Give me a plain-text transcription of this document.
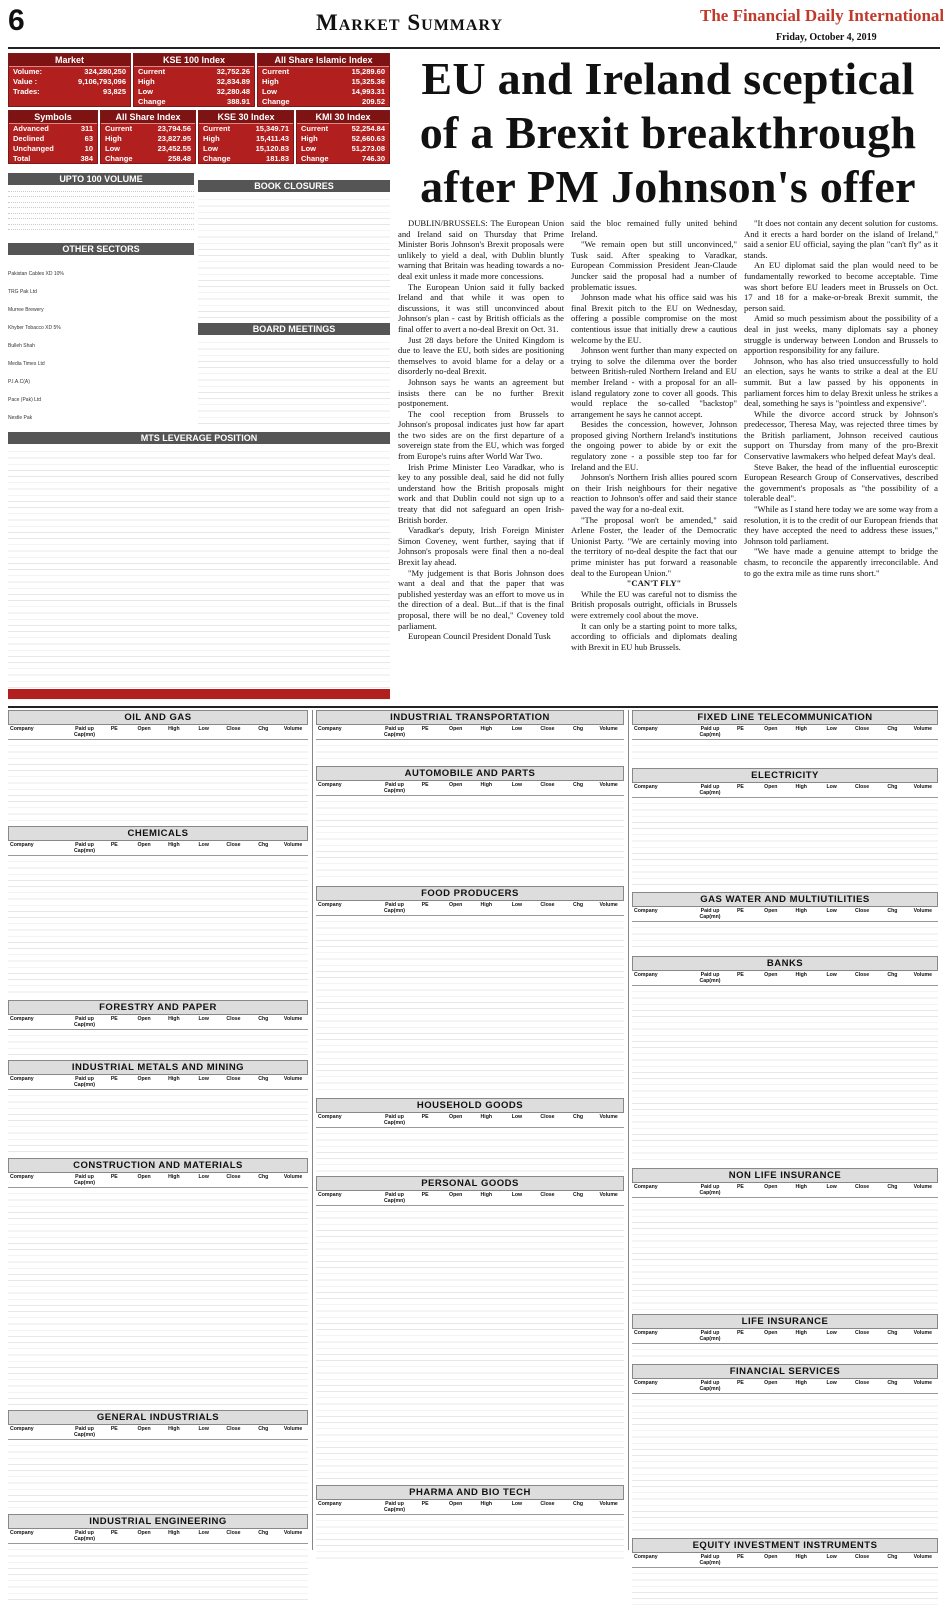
6	Market Summary	The Financial Daily International
Friday, October 4, 2019
Market
Volume:	324,280,250
Value :	9,106,793,096
Trades:	93,825
KSE 100 Index
Current	32,752.26
High	32,834.89
Low	32,280.48
Change	388.91
All Share Islamic Index
Current	15,289.60
High	15,325.36
Low	14,993.31
Change	209.52
Symbols
Advanced	311
Declined	63
Unchanged	10
Total	384
All Share Index
Current	23,794.56
High	23,827.95
Low	23,452.55
Change	258.48
KSE 30 Index
Current	15,349.71
High	15,411.43
Low	15,120.83
Change	181.83
KMI 30 Index
Current	52,254.84
High	52,660.63
Low	51,273.08
Change	746.30
UPTO 100 VOLUME
OTHER SECTORS
Pakistan Cables XD 10%
TRG Pak Ltd
Murree Brewery
Khyber Tobacco XD 5%
Bulleh Shah
Media Times Ltd
P.I.A.C(A)
Pace (Pak) Ltd
Nestle Pak
BOOK CLOSURES
BOARD MEETINGS
MTS LEVERAGE POSITION
EU and Ireland sceptical of a Brexit breakthrough after PM Johnson's offer

DUBLIN/BRUSSELS: The European Union and Ireland said on Thursday that Prime Minister Boris Johnson's Brexit proposals were unlikely to yield a deal, with Dublin bluntly warning that Britain was heading towards a no-deal exit unless it made more concessions.

The European Union said it fully backed Ireland and that while it was open to discussions, it was still unconvinced about Johnson's plan - cast by British officials as the final offer to avert a no-deal Brexit on Oct. 31.

Just 28 days before the United Kingdom is due to leave the EU, both sides are positioning themselves to avoid blame for a delay or a disorderly no-deal Brexit.

Johnson says he wants an agreement but insists there can be no further Brexit postponement.

The cool reception from Brussels to Johnson's proposal indicates just how far apart the two sides are on the first departure of a sovereign state from the EU, which was forged from Europe's ruins after World War Two.

Irish Prime Minister Leo Varadkar, who is key to any possible deal, said he did not fully understand how the British proposals might work and that Dublin could not sign up to a treaty that did not safeguard an open Irish-British border.

Varadkar's deputy, Irish Foreign Minister Simon Coveney, went further, saying that if Johnson's proposals were final then a no-deal Brexit lay ahead.

"My judgement is that Boris Johnson does want a deal and that the paper that was published yesterday was an effort to move us in the direction of a deal. But...if that is the final proposal, there will be no deal," Coveney told parliament.

European Council President Donald Tusk

said the bloc remained fully united behind Ireland.

"We remain open but still unconvinced," Tusk said. After speaking to Varadkar, European Commission President Jean-Claude Juncker said the proposal had a number of problematic issues.

Johnson made what his office said was his final Brexit pitch to the EU on Wednesday, offering a possible compromise on the most contentious issue that initially drew a cautious welcome by the EU.

Johnson went further than many expected on trying to solve the dilemma over the border between British-ruled Northern Ireland and EU member Ireland - with a proposal for an all-island regulatory zone to cover all goods. This would replace the so-called "backstop" arrangement he says he cannot accept.

Besides the concession, however, Johnson proposed giving Northern Ireland's institutions the ongoing power to abide by or exit the regulatory zone - a possible step too far for Ireland and the EU.

Johnson's Northern Irish allies poured scorn on their Irish neighbours for their negative reaction to Johnson's offer and said their stance paved the way for a no-deal exit.

"The proposal won't be amended," said Arlene Foster, the leader of the Democratic Unionist Party. "We are certainly moving into the territory of no-deal despite the fact that our prime minister has put forward a reasonable deal to the European Union."

"CAN'T FLY"

While the EU was careful not to dismiss the British proposals outright, officials in Brussels were extremely cool about the move.

It can only be a starting point to more talks, according to officials and diplomats dealing with Brexit in EU hub Brussels.

"It does not contain any decent solution for customs. And it erects a hard border on the island of Ireland," said a senior EU official, saying the plan "can't fly" as it stands.

An EU diplomat said the plan would need to be fundamentally reworked to become acceptable. Time was short before EU leaders meet in Brussels on Oct. 17 and 18 for a make-or-break Brexit summit, the person said.

Amid so much pessimism about the possibility of a deal in just weeks, many diplomats say a phoney struggle is underway between London and Brussels to apportion responsibility for any failure.

Johnson, who has also tried unsuccessfully to hold an election, says he wants to strike a deal at the EU summit. But a law passed by his opponents in parliament forces him to delay Brexit unless he strikes a deal, something he says is "pointless and expensive".

While the divorce accord struck by Johnson's predecessor, Theresa May, was rejected three times by the British parliament, Johnson received cautious support on Thursday from many of the pro-Brexit Conservative lawmakers who helped defeat May's deal.

Steve Baker, the head of the influential eurosceptic European Research Group of Conservatives, described the government's proposals as "the possibility of a tolerable deal".

"While as I stand here today we are some way from a resolution, it is to the credit of our European friends that they have accepted the need to address these issues," Johnson told parliament.

"We have made a genuine attempt to bridge the chasm, to reconcile the apparently irreconcilable. And to go the extra mile as time runs short."

OIL AND GAS
Company	Paid up Cap(mn)
PE	Open	High	Low	Close	Chg	Volume
CHEMICALS
Company	Paid up Cap(mn)
PE	Open	High	Low	Close	Chg	Volume
FORESTRY AND PAPER
Company	Paid up Cap(mn)
PE	Open	High	Low	Close	Chg	Volume
INDUSTRIAL METALS AND MINING
Company	Paid up Cap(mn)
PE	Open	High	Low	Close	Chg	Volume
CONSTRUCTION AND MATERIALS
Company	Paid up Cap(mn)
PE	Open	High	Low	Close	Chg	Volume
GENERAL INDUSTRIALS
Company	Paid up Cap(mn)
PE	Open	High	Low	Close	Chg	Volume
INDUSTRIAL ENGINEERING
Company	Paid up Cap(mn)
PE	Open	High	Low	Close	Chg	Volume
INDUSTRIAL TRANSPORTATION
Company	Paid up Cap(mn)
PE	Open	High	Low	Close	Chg	Volume
AUTOMOBILE AND PARTS
Company	Paid up Cap(mn)
PE	Open	High	Low	Close	Chg	Volume
FOOD PRODUCERS
Company	Paid up Cap(mn)
PE	Open	High	Low	Close	Chg	Volume
HOUSEHOLD GOODS
Company	Paid up Cap(mn)
PE	Open	High	Low	Close	Chg	Volume
PERSONAL GOODS
Company	Paid up Cap(mn)
PE	Open	High	Low	Close	Chg	Volume
PHARMA AND BIO TECH
Company	Paid up Cap(mn)
PE	Open	High	Low	Close	Chg	Volume
FIXED LINE TELECOMMUNICATION
Company	Paid up Cap(mn)
PE	Open	High	Low	Close	Chg	Volume
ELECTRICITY
Company	Paid up Cap(mn)
PE	Open	High	Low	Close	Chg	Volume
GAS WATER AND MULTIUTILITIES
Company	Paid up Cap(mn)
PE	Open	High	Low	Close	Chg	Volume
BANKS
Company	Paid up Cap(mn)
PE	Open	High	Low	Close	Chg	Volume
NON LIFE INSURANCE
Company	Paid up Cap(mn)
PE	Open	High	Low	Close	Chg	Volume
LIFE INSURANCE
Company	Paid up Cap(mn)
PE	Open	High	Low	Close	Chg	Volume
FINANCIAL SERVICES
Company	Paid up Cap(mn)
PE	Open	High	Low	Close	Chg	Volume
EQUITY INVESTMENT INSTRUMENTS
Company	Paid up Cap(mn)
PE	Open	High	Low	Close	Chg	Volume
